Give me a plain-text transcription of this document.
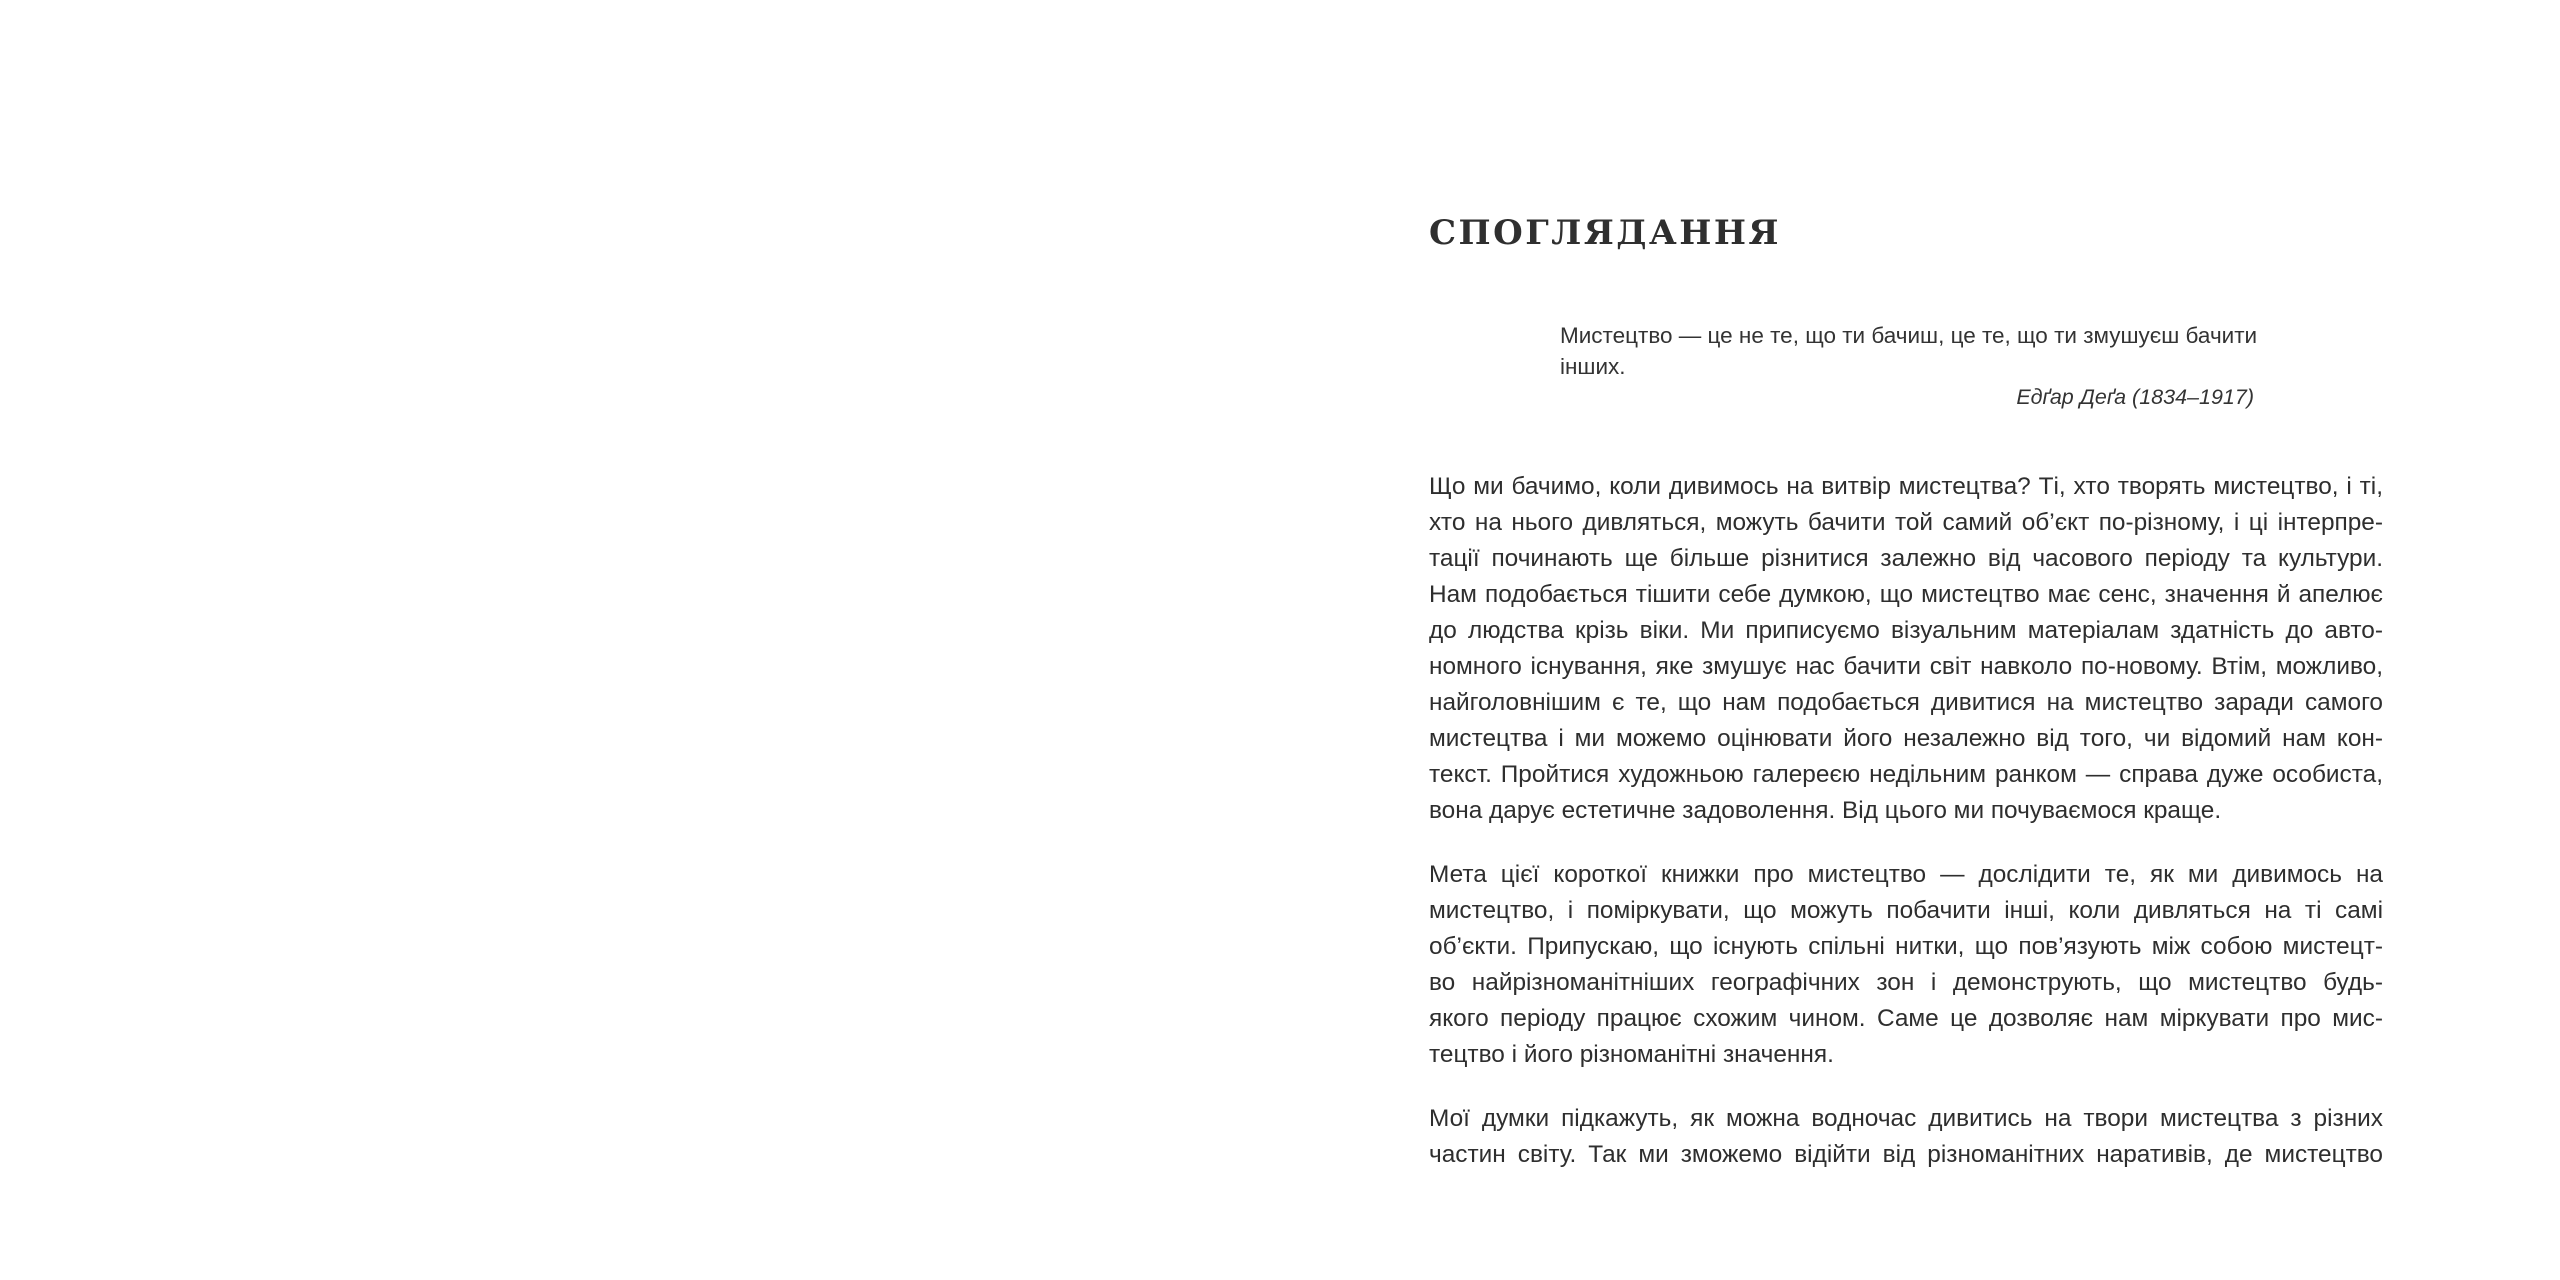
СПОГЛЯДАННЯ

Мистецтво — це не те, що ти бачиш, це те, що ти змушуєш бачити
інших.

Едґар Деґа (1834–1917)

Що ми бачимо, коли дивимось на витвір мистецтва? Ті, хто творять мистецтво, і ті,
хто на нього дивляться, можуть бачити той самий об’єкт по-різному, і ці інтерпре-
тації починають ще більше різнитися залежно від часового періоду та культури.
Нам подобається тішити себе думкою, що мистецтво має сенс, значення й апелює
до людства крізь віки. Ми приписуємо візуальним матеріалам здатність до авто-
номного існування, яке змушує нас бачити світ навколо по-новому. Втім, можливо,
найголовнішим є те, що нам подобається дивитися на мистецтво заради самого
мистецтва і ми можемо оцінювати його незалежно від того, чи відомий нам кон-
текст. Пройтися художньою галереєю недільним ранком — справа дуже особиста,
вона дарує естетичне задоволення. Від цього ми почуваємося краще.

Мета цієї короткої книжки про мистецтво — дослідити те, як ми дивимось на
мистецтво, і поміркувати, що можуть побачити інші, коли дивляться на ті самі
об’єкти. Припускаю, що існують спільні нитки, що пов’язують між собою мистецт-
во найрізноманітніших географічних зон і демонструють, що мистецтво будь-
якого періоду працює схожим чином. Саме це дозволяє нам міркувати про мис-
тецтво і його різноманітні значення.

Мої думки підкажуть, як можна водночас дивитись на твори мистецтва з різних
частин світу. Так ми зможемо відійти від різноманітних наративів, де мистецтво
